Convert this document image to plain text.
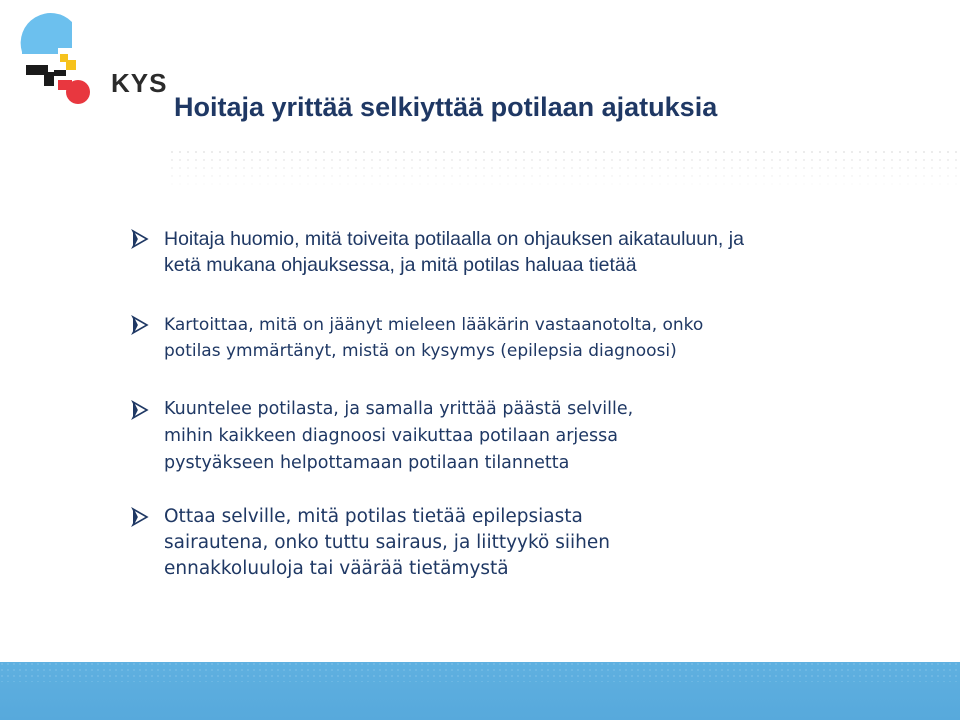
KYS
Hoitaja yrittää selkiyttää potilaan ajatuksia
Hoitaja huomio, mitä toiveita potilaalla on ohjauksen aikatauluun, ja
ketä mukana ohjauksessa, ja mitä potilas haluaa tietää
Kartoittaa, mitä on jäänyt mieleen lääkärin vastaanotolta, onko
potilas ymmärtänyt, mistä on kysymys (epilepsia diagnoosi)
Kuuntelee potilasta, ja samalla yrittää päästä selville,
mihin kaikkeen diagnoosi vaikuttaa potilaan arjessa
pystyäkseen helpottamaan potilaan tilannetta
Ottaa selville, mitä potilas tietää epilepsiasta
sairautena, onko tuttu sairaus, ja liittyykö siihen
ennakkoluuloja tai väärää tietämystä
